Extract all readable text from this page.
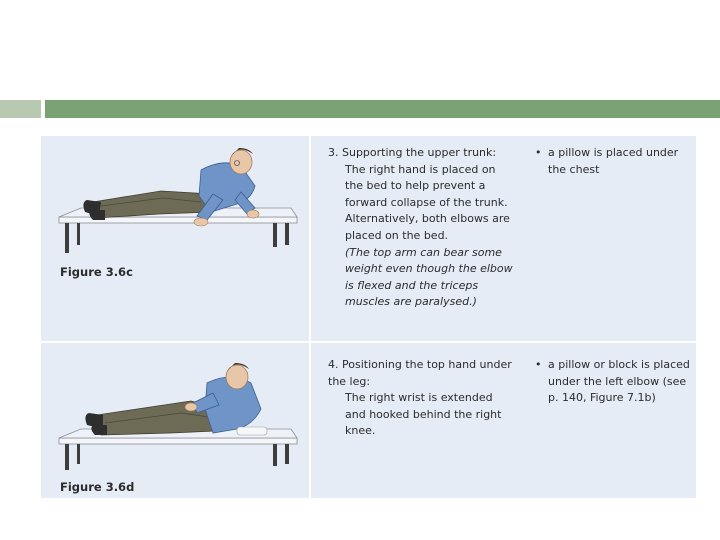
Figure 3.6c
3. Supporting the upper trunk:
The right hand is placed on the bed to help prevent a forward collapse of the trunk. Alternatively, both elbows are placed on the bed.
(The top arm can bear some weight even though the elbow is flexed and the triceps muscles are paralysed.)
• a pillow is placed under the chest
Figure 3.6d
4. Positioning the top hand under the leg:
The right wrist is extended and hooked behind the right knee.
• a pillow or block is placed under the left elbow (see p. 140, Figure 7.1b)
